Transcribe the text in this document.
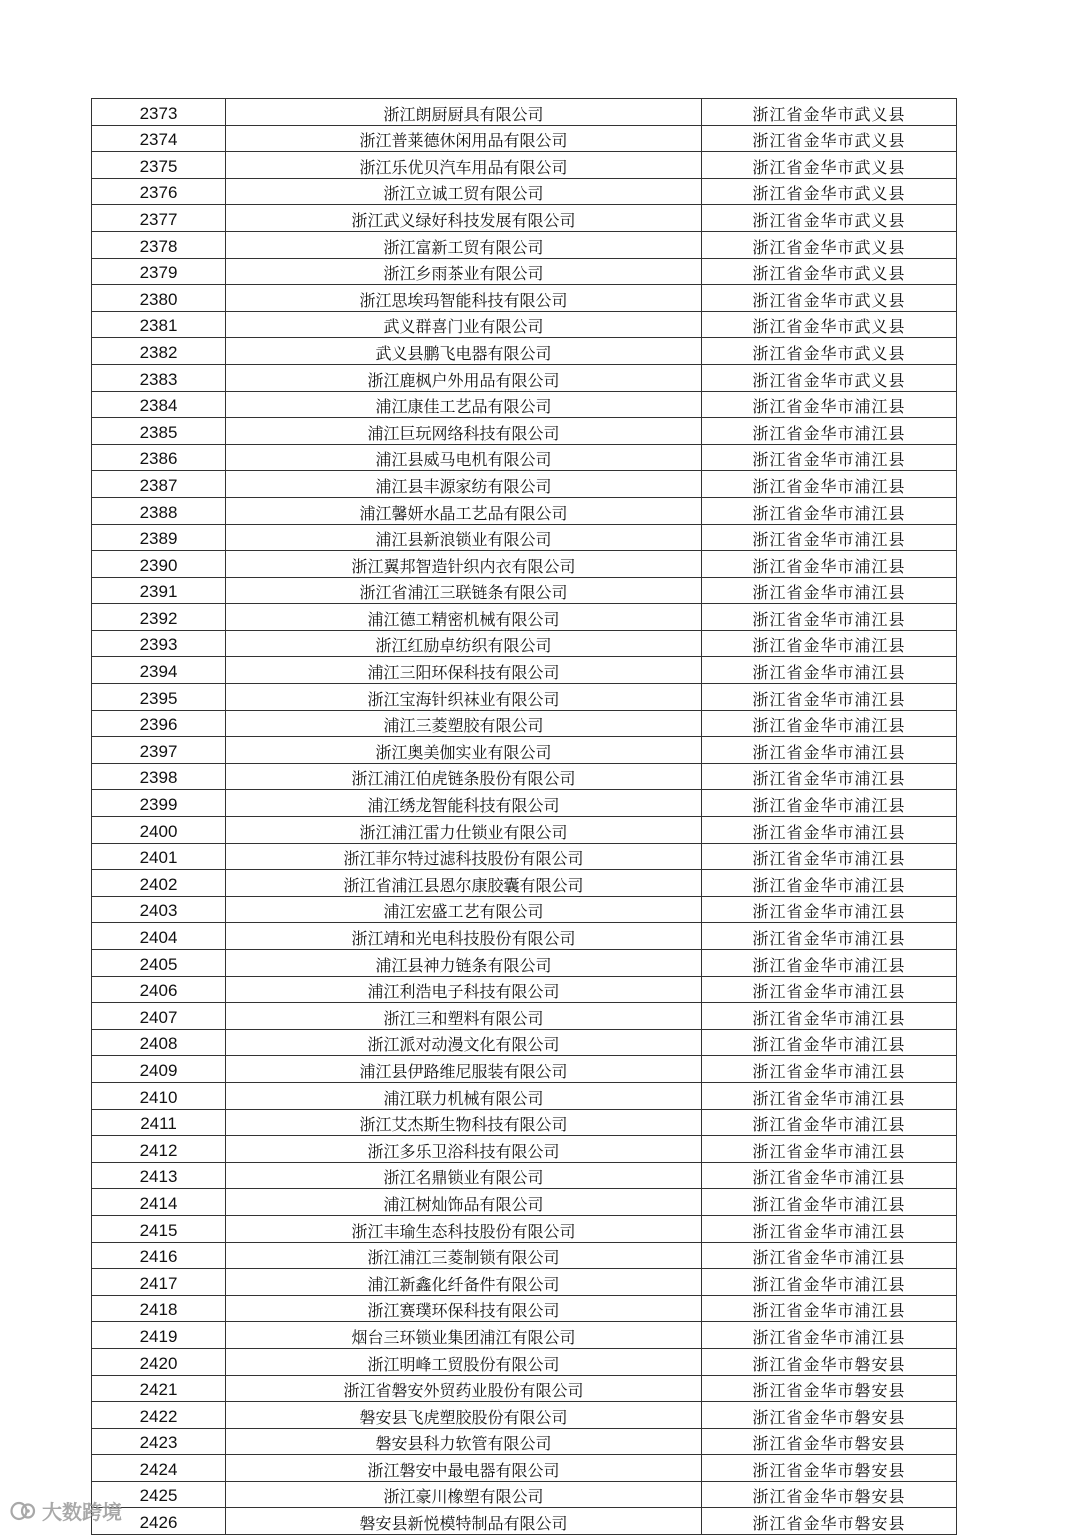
2373	浙江朗厨厨具有限公司	浙江省金华市武义县
2374	浙江普莱德休闲用品有限公司	浙江省金华市武义县
2375	浙江乐优贝汽车用品有限公司	浙江省金华市武义县
2376	浙江立诚工贸有限公司	浙江省金华市武义县
2377	浙江武义绿好科技发展有限公司	浙江省金华市武义县
2378	浙江富新工贸有限公司	浙江省金华市武义县
2379	浙江乡雨茶业有限公司	浙江省金华市武义县
2380	浙江思埃玛智能科技有限公司	浙江省金华市武义县
2381	武义群喜门业有限公司	浙江省金华市武义县
2382	武义县鹏飞电器有限公司	浙江省金华市武义县
2383	浙江鹿枫户外用品有限公司	浙江省金华市武义县
2384	浦江康佳工艺品有限公司	浙江省金华市浦江县
2385	浦江巨玩网络科技有限公司	浙江省金华市浦江县
2386	浦江县威马电机有限公司	浙江省金华市浦江县
2387	浦江县丰源家纺有限公司	浙江省金华市浦江县
2388	浦江馨妍水晶工艺品有限公司	浙江省金华市浦江县
2389	浦江县新浪锁业有限公司	浙江省金华市浦江县
2390	浙江翼邦智造针织内衣有限公司	浙江省金华市浦江县
2391	浙江省浦江三联链条有限公司	浙江省金华市浦江县
2392	浦江德工精密机械有限公司	浙江省金华市浦江县
2393	浙江红励卓纺织有限公司	浙江省金华市浦江县
2394	浦江三阳环保科技有限公司	浙江省金华市浦江县
2395	浙江宝海针织袜业有限公司	浙江省金华市浦江县
2396	浦江三菱塑胶有限公司	浙江省金华市浦江县
2397	浙江奥美伽实业有限公司	浙江省金华市浦江县
2398	浙江浦江伯虎链条股份有限公司	浙江省金华市浦江县
2399	浦江绣龙智能科技有限公司	浙江省金华市浦江县
2400	浙江浦江雷力仕锁业有限公司	浙江省金华市浦江县
2401	浙江菲尔特过滤科技股份有限公司	浙江省金华市浦江县
2402	浙江省浦江县恩尔康胶囊有限公司	浙江省金华市浦江县
2403	浦江宏盛工艺有限公司	浙江省金华市浦江县
2404	浙江靖和光电科技股份有限公司	浙江省金华市浦江县
2405	浦江县神力链条有限公司	浙江省金华市浦江县
2406	浦江利浩电子科技有限公司	浙江省金华市浦江县
2407	浙江三和塑料有限公司	浙江省金华市浦江县
2408	浙江派对动漫文化有限公司	浙江省金华市浦江县
2409	浦江县伊路维尼服装有限公司	浙江省金华市浦江县
2410	浦江联力机械有限公司	浙江省金华市浦江县
2411	浙江艾杰斯生物科技有限公司	浙江省金华市浦江县
2412	浙江多乐卫浴科技有限公司	浙江省金华市浦江县
2413	浙江名鼎锁业有限公司	浙江省金华市浦江县
2414	浦江树灿饰品有限公司	浙江省金华市浦江县
2415	浙江丰瑜生态科技股份有限公司	浙江省金华市浦江县
2416	浙江浦江三菱制锁有限公司	浙江省金华市浦江县
2417	浦江新鑫化纤备件有限公司	浙江省金华市浦江县
2418	浙江赛璞环保科技有限公司	浙江省金华市浦江县
2419	烟台三环锁业集团浦江有限公司	浙江省金华市浦江县
2420	浙江明峰工贸股份有限公司	浙江省金华市磐安县
2421	浙江省磐安外贸药业股份有限公司	浙江省金华市磐安县
2422	磐安县飞虎塑胶股份有限公司	浙江省金华市磐安县
2423	磐安县科力软管有限公司	浙江省金华市磐安县
2424	浙江磐安中最电器有限公司	浙江省金华市磐安县
2425	浙江豪川橡塑有限公司	浙江省金华市磐安县
2426	磐安县新悦模特制品有限公司	浙江省金华市磐安县
大数跨境
